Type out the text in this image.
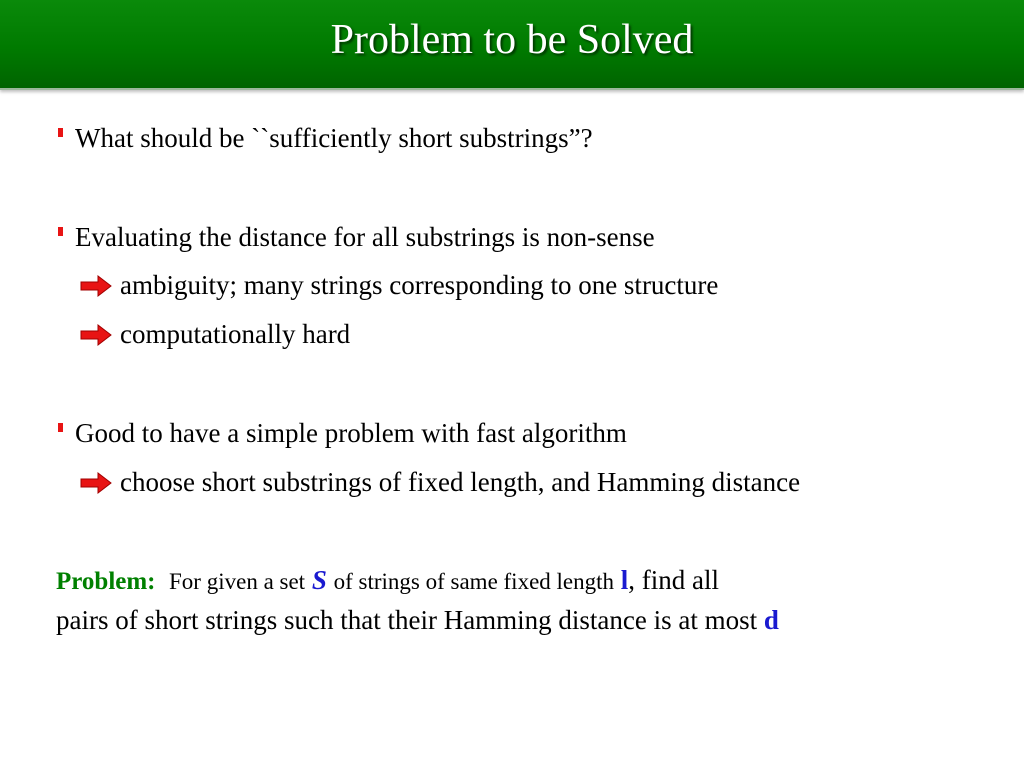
Problem to be Solved
What should be ``sufficiently short substrings”?
Evaluating the distance for all substrings is non-sense
ambiguity; many strings corresponding to one structure
computationally hard
Good to have a simple problem with fast algorithm
choose short substrings of fixed length, and Hamming distance
Problem: For given a set S of strings of same fixed length l, find all
pairs of short strings such that their Hamming distance is at most d
